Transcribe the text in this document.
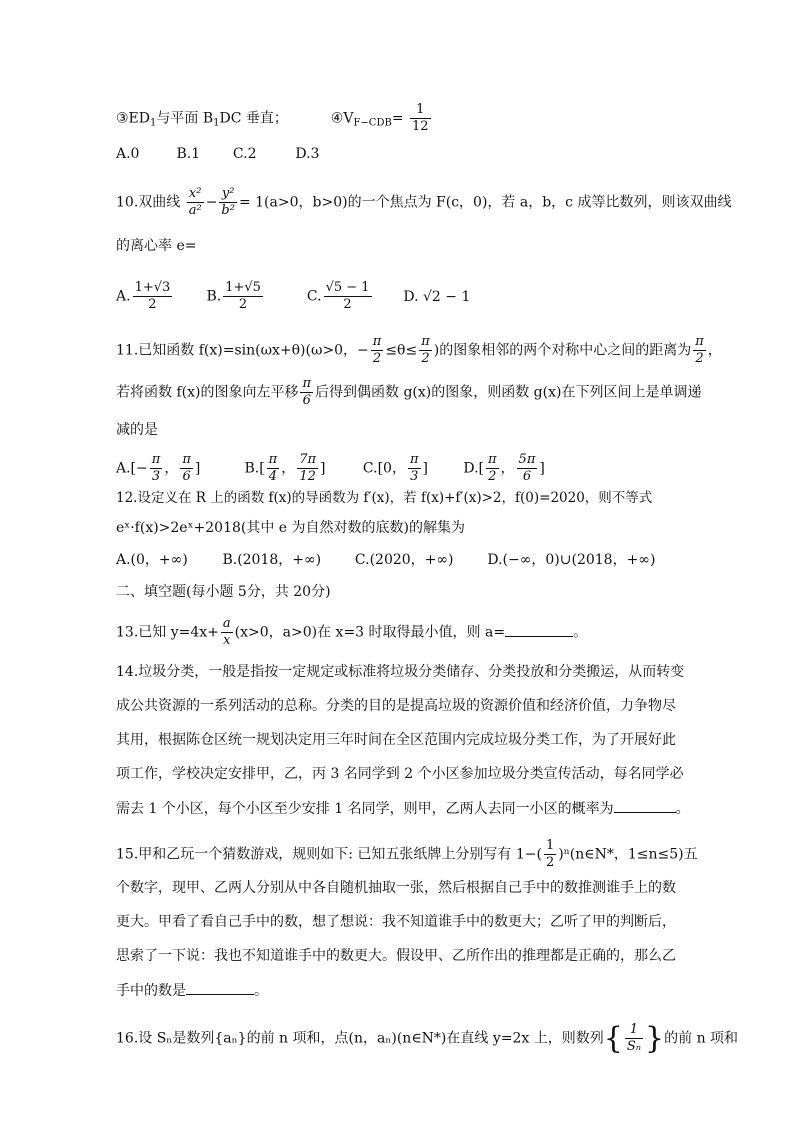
$③ED_1$与平面 $B_1DC$ 垂直；	$④V_{F-CDB}= \frac{1}{12}$
A.0	B.1 C.2	D.3
10.双曲线 $\frac{\text{x²}}{\text{a²}} - \frac{\text{y²}}{\text{b²}} = 1(a>0$，b>0)的一个焦点为 F(c，0)，若 a，b，c 成等比数列，则该双曲线
的离心率 e=
A. $\frac{1+√3}{2} B$. $\frac{1+√5}{2}$	C. $\frac{√5 - 1}{2} D$. √2 − 1
11.已知函数 f(x)=sin(ωx+θ)(ω>0，− $\frac{\pi}{2} \le\theta\le \frac{\pi}{2}$ )的图象相邻的两个对称中心之间的距离为 $\frac{\pi}{2}$ ，
若将函数 f(x)的图象向左平移 $\frac{\pi}{6}$ 后得到偶函数 g(x)的图象，则函数 g(x)在下列区间上是单调递
减的是
$A.[- \frac{\pi}{3}$ ， $\frac{\pi}{6}$ ]	$B.[ \frac{\pi}{4}$ ， $\frac{7\pi}{12}$ ]	C.[0， $\frac{\pi}{3}$ ]	$D.[ \frac{\pi}{2}$ ， $\frac{5\pi}{6}$ ]
12.设定义在 R 上的函数 f(x)的导函数为 f′(x)，若 f(x)+f′(x)>2，f(0)=2020，则不等式
eˣ·f(x)>2eˣ+2018(其中 e 为自然对数的底数)的解集为
A.(0，+∞) B.(2018，+∞) C.(2020，+∞) D.(−∞，0)∪(2018，+∞)
二、填空题(每小题 5分，共 20分)
13.已知 $y=4x+ \frac{a}{x} (x>0$，a>0)在 x=3 时取得最小值，则 a=	。
14.垃圾分类，一般是指按一定规定或标准将垃圾分类储存、分类投放和分类搬运，从而转变
成公共资源的一系列活动的总称。分类的目的是提高垃圾的资源价值和经济价值，力争物尽
其用，根据陈仓区统一规划决定用三年时间在全区范围内完成垃圾分类工作，为了开展好此
项工作，学校决定安排甲，乙，丙 3 名同学到 2 个小区参加垃圾分类宣传活动，每名同学必
需去 1 个小区，每个小区至少安排 1 名同学，则甲，乙两人去同一小区的概率为	。
15.甲和乙玩一个猜数游戏，规则如下: 已知五张纸牌上分别写有 $1-( \frac{1}{2}$ )ⁿ(n∈N*，1≤n≤5)五
个数字，现甲、乙两人分别从中各自随机抽取一张，然后根据自己手中的数推测谁手上的数
更大。甲看了看自己手中的数，想了想说：我不知道谁手中的数更大；乙听了甲的判断后，
思索了一下说：我也不知道谁手中的数更大。假设甲、乙所作出的推理都是正确的，那么乙
手中的数是	。
16.设 Sₙ是数列{aₙ}的前 n 项和，点(n，aₙ)(n∈N*)在直线 y=2x 上，则数列{ $\frac{1}{\text{Sₙ}}$ }的前 n 项和
